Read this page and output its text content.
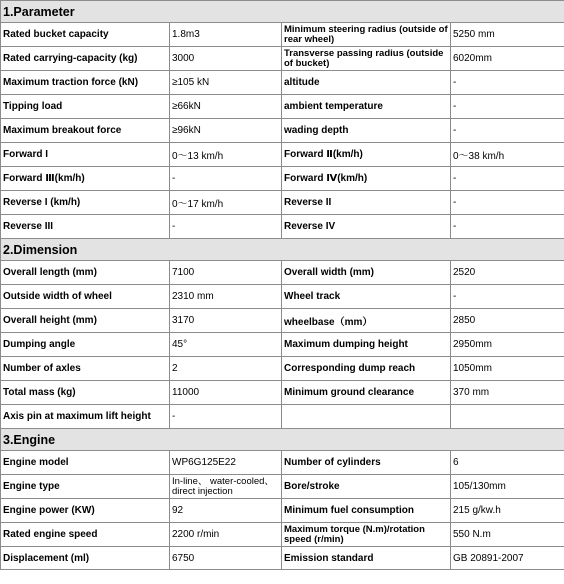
1.Parameter			
Rated bucket capacity	1.8m3	Minimum steering radius (outside of rear wheel)	5250 mm
Rated carrying-capacity (kg)	3000	Transverse passing radius (outside of bucket)	6020mm
Maximum traction force (kN)	≥105 kN	altitude	-
Tipping load	≥66kN	ambient temperature	-
Maximum breakout force	≥96kN	wading depth	-
Forward I	0～13 km/h	Forward Ⅱ(km/h)	0～38 km/h
Forward Ⅲ(km/h)	-	Forward Ⅳ(km/h)	-
Reverse I (km/h)	0～17 km/h	Reverse II	-
Reverse III	-	Reverse IV	-
2.Dimension			
Overall length (mm)	7100	Overall width (mm)	2520
Outside width of wheel	2310 mm	Wheel track	-
Overall height (mm)	3170	wheelbase（mm）	2850
Dumping angle	45°	Maximum dumping height	2950mm
Number of axles	2	Corresponding dump reach	1050mm
Total mass (kg)	11000	Minimum ground clearance	370 mm
Axis pin at maximum lift height	-		
3.Engine			
Engine model	WP6G125E22	Number of cylinders	6
Engine type	In-line、 water-cooled、direct injection	Bore/stroke	105/130mm
Engine power (KW)	92	Minimum fuel consumption	215 g/kw.h
Rated engine speed	2200 r/min	Maximum torque (N.m)/rotation speed (r/min)	550 N.m
Displacement (ml)	6750	Emission standard	GB 20891-2007
